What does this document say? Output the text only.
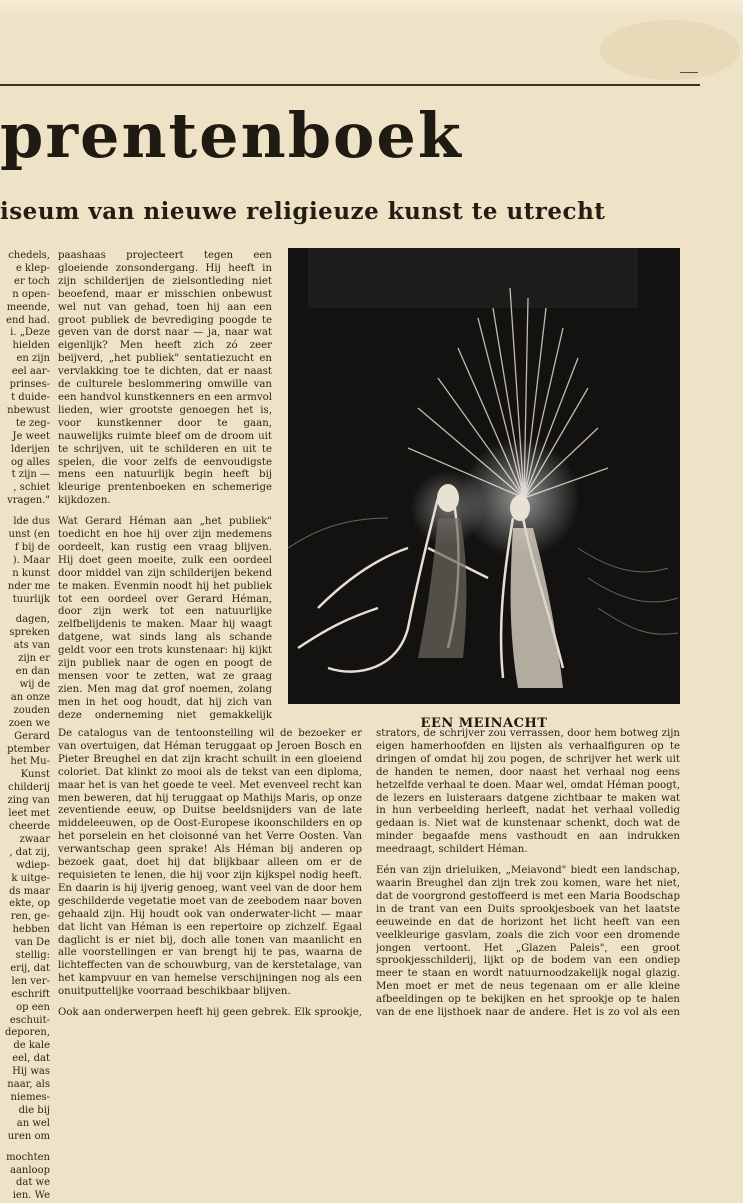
prentenboek
iseum van nieuwe religieuze kunst te utrecht
chedels,
e klep-
er toch
n open-
meende,
end had.
i. „Deze
hielden
en zijn
eel aar-
prinses-
t duide-
nbewust
te zeg-
Je weet
lderijen
og alles
t zijn —
, schiet
vragen."
lde dus
unst (en
f bij de
). Maar
n kunst
nder me
tuurlijk
dagen,
spreken
ats van
zijn er
en dan
wij de
an onze
zouden
zoen we
Gerard
ptember
het Mu-
Kunst
childerij
zing van
leet met
cheerde
zwaar
, dat zij,
wdiep-
k uitge-
ds maar
ekte, op
ren, ge-
hebben
van De
stellig:
erij, dat
len ver-
eschrift
op een
eschuit-
deporen,
de kale
eel, dat
Hij was
naar, als
niemes-
die bij
an wel
uren om
mochten
aanloop
dat we
ien. We

paashaas projecteert tegen een gloeiende zonsondergang. Hij heeft in zijn schilderijen de zielsontleding niet beoefend, maar er misschien onbewust wel nut van gehad, toen hij aan een groot publiek de bevrediging poogde te geven van de dorst naar — ja, naar wat eigenlijk? Men heeft zich zó zeer beijverd, „het publiek" sentatiezucht en vervlakking toe te dichten, dat er naast de culturele beslommering omwille van een handvol kunstkenners en een armvol lieden, wier grootste genoegen het is, voor kunstkenner door te gaan, nauwelijks ruimte bleef om de droom uit te schrijven, uit te schilderen en uit te spelen, die voor zelfs de eenvoudigste mens een natuurlijk begin heeft bij kleurige prentenboeken en schemerige kijkdozen.

Wat Gerard Héman aan „het publiek" toedicht en hoe hij over zijn medemens oordeelt, kan rustig een vraag blijven. Hij doet geen moeite, zulk een oordeel door middel van zijn schilderijen bekend te maken. Evenmin noodt hij het publiek tot een oordeel over Gerard Héman, door zijn werk tot een natuurlijke zelfbelijdenis te maken. Maar hij waagt datgene, wat sinds lang als schande geldt voor een trots kunstenaar: hij kijkt zijn publiek naar de ogen en poogt de mensen voor te zetten, wat ze graag zien. Men mag dat grof noemen, zolang men in het oog houdt, dat hij zich van deze onderneming niet gemakkelijk

EEN MEINACHT

De catalogus van de tentoonstelling wil de bezoeker er van overtuigen, dat Héman teruggaat op Jeroen Bosch en Pieter Breughel en dat zijn kracht schuilt in een gloeiend coloriet. Dat klinkt zo mooi als de tekst van een diploma, maar het is van het goede te veel. Met evenveel recht kan men beweren, dat hij teruggaat op Mathijs Maris, op onze zeventiende eeuw, op Duitse beeldsnijders van de late middeleeuwen, op de Oost-Europese ikoonschilders en op het porselein en het cloisonné van het Verre Oosten. Van verwantschap geen sprake! Als Héman bij anderen op bezoek gaat, doet hij dat blijkbaar alleen om er de requisieten te lenen, die hij voor zijn kijkspel nodig heeft. En daarin is hij ijverig genoeg, want veel van de door hem geschilderde vegetatie moet van de zeebodem naar boven gehaald zijn. Hij houdt ook van onderwater-licht — maar dat licht van Héman is een repertoire op zichzelf. Egaal daglicht is er niet bij, doch alle tonen van maanlicht en alle voorstellingen er van brengt hij te pas, waarna de lichteffecten van de schouwburg, van de kerstetalage, van het kampvuur en van hemelse verschijningen nog als een onuitputtelijke voorraad beschikbaar blijven.

Ook aan onderwerpen heeft hij geen gebrek. Elk sprookje,

strators, de schrijver zou verrassen, door hem botweg zijn eigen hamerhoofden en lijsten als verhaalfiguren op te dringen of omdat hij zou pogen, de schrijver het werk uit de handen te nemen, door naast het verhaal nog eens hetzelfde verhaal te doen. Maar wel, omdat Héman poogt, de lezers en luisteraars datgene zichtbaar te maken wat in hun verbeelding herleeft, nadat het verhaal volledig gedaan is. Niet wat de kunstenaar schenkt, doch wat de minder begaafde mens vasthoudt en aan indrukken meedraagt, schildert Héman.

Eén van zijn drieluiken, „Meiavond" biedt een landschap, waarin Breughel dan zijn trek zou komen, ware het niet, dat de voorgrond gestoffeerd is met een Maria Boodschap in de trant van een Duits sprookjesboek van het laatste eeuweinde en dat de horizont het licht heeft van een veelkleurige gasvlam, zoals die zich voor een dromende jongen vertoont. Het „Glazen Paleis", een groot sprookjesschilderij, lijkt op de bodem van een ondiep meer te staan en wordt natuurnoodzakelijk nogal glazig. Men moet er met de neus tegenaan om er alle kleine afbeeldingen op te bekijken en het sprookje op te halen van de ene lijsthoek naar de andere. Het is zo vol als een
